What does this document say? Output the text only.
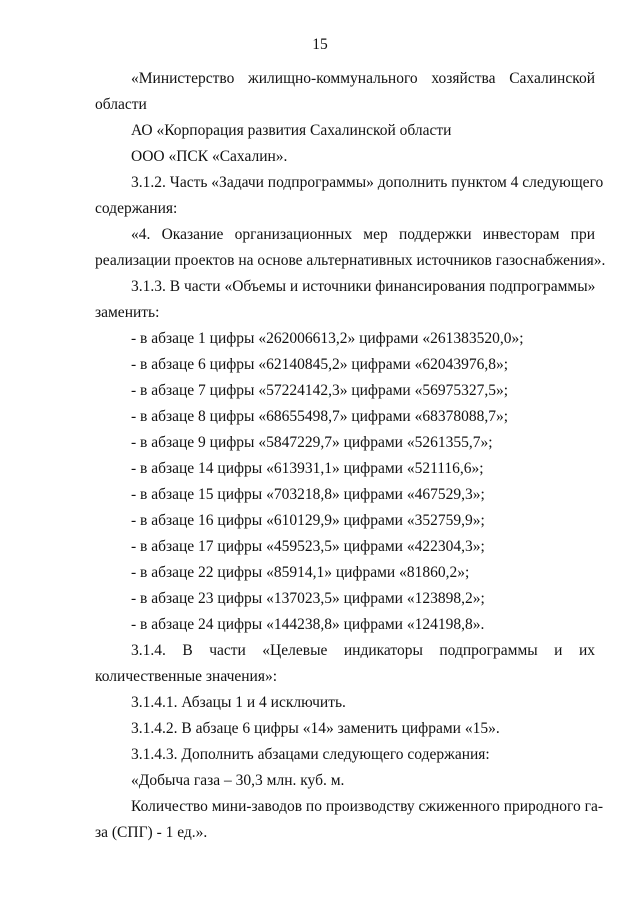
15
«Министерство жилищно-коммунального хозяйства Сахалинской
области
АО «Корпорация развития Сахалинской области
ООО «ПСК «Сахалин».
3.1.2. Часть «Задачи подпрограммы» дополнить пунктом 4 следующего
содержания:
«4. Оказание организационных мер поддержки инвесторам при
реализации проектов на основе альтернативных источников газоснабжения».
3.1.3. В части «Объемы и источники финансирования подпрограммы»
заменить:
- в абзаце 1 цифры «262006613,2» цифрами «261383520,0»;
- в абзаце 6 цифры «62140845,2» цифрами «62043976,8»;
- в абзаце 7 цифры «57224142,3» цифрами «56975327,5»;
- в абзаце 8 цифры «68655498,7» цифрами «68378088,7»;
- в абзаце 9 цифры «5847229,7» цифрами «5261355,7»;
- в абзаце 14 цифры «613931,1» цифрами «521116,6»;
- в абзаце 15 цифры «703218,8» цифрами «467529,3»;
- в абзаце 16 цифры «610129,9» цифрами «352759,9»;
- в абзаце 17 цифры «459523,5» цифрами «422304,3»;
- в абзаце 22 цифры «85914,1» цифрами «81860,2»;
- в абзаце 23 цифры «137023,5» цифрами «123898,2»;
- в абзаце 24 цифры «144238,8» цифрами «124198,8».
3.1.4. В части «Целевые индикаторы подпрограммы и их
количественные значения»:
3.1.4.1. Абзацы 1 и 4 исключить.
3.1.4.2. В абзаце 6 цифры «14» заменить цифрами «15».
3.1.4.3. Дополнить абзацами следующего содержания:
«Добыча газа – 30,3 млн. куб. м.
Количество мини-заводов по производству сжиженного природного га-
за (СПГ) - 1 ед.».
